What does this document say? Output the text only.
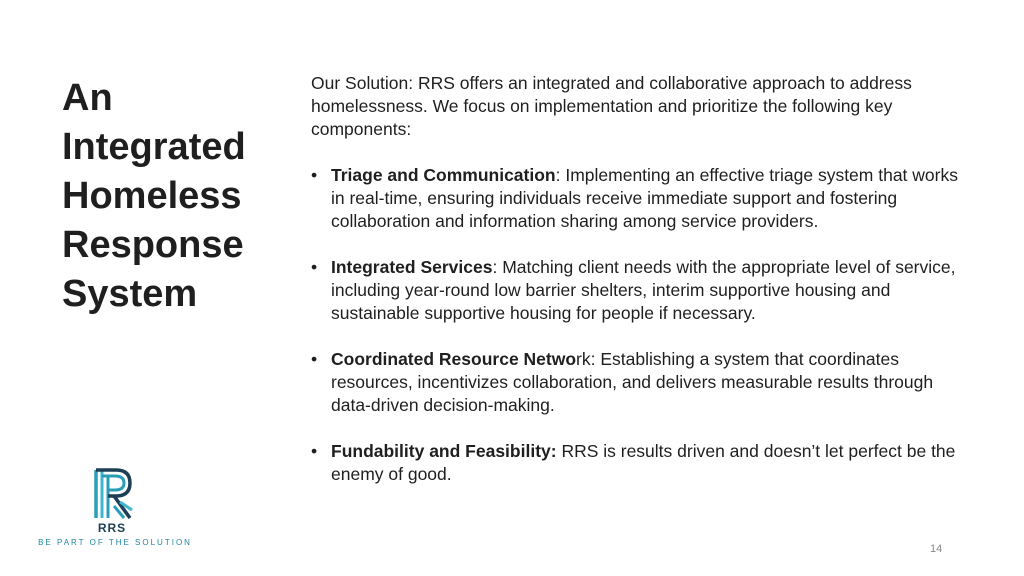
An
Integrated
Homeless
Response
System

Our Solution: RRS offers an integrated and collaborative approach to address homelessness. We focus on implementation and prioritize the following key components:

• Triage and Communication: Implementing an effective triage system that works in real-time, ensuring individuals receive immediate support and fostering collaboration and information sharing among service providers.
• Integrated Services: Matching client needs with the appropriate level of service, including year-round low barrier shelters, interim supportive housing and sustainable supportive housing for people if necessary.
• Coordinated Resource Network: Establishing a system that coordinates resources, incentivizes collaboration, and delivers measurable results through data-driven decision-making.
• Fundability and Feasibility: RRS is results driven and doesn’t let perfect be the enemy of good.
RRS
BE PART OF THE SOLUTION
14
